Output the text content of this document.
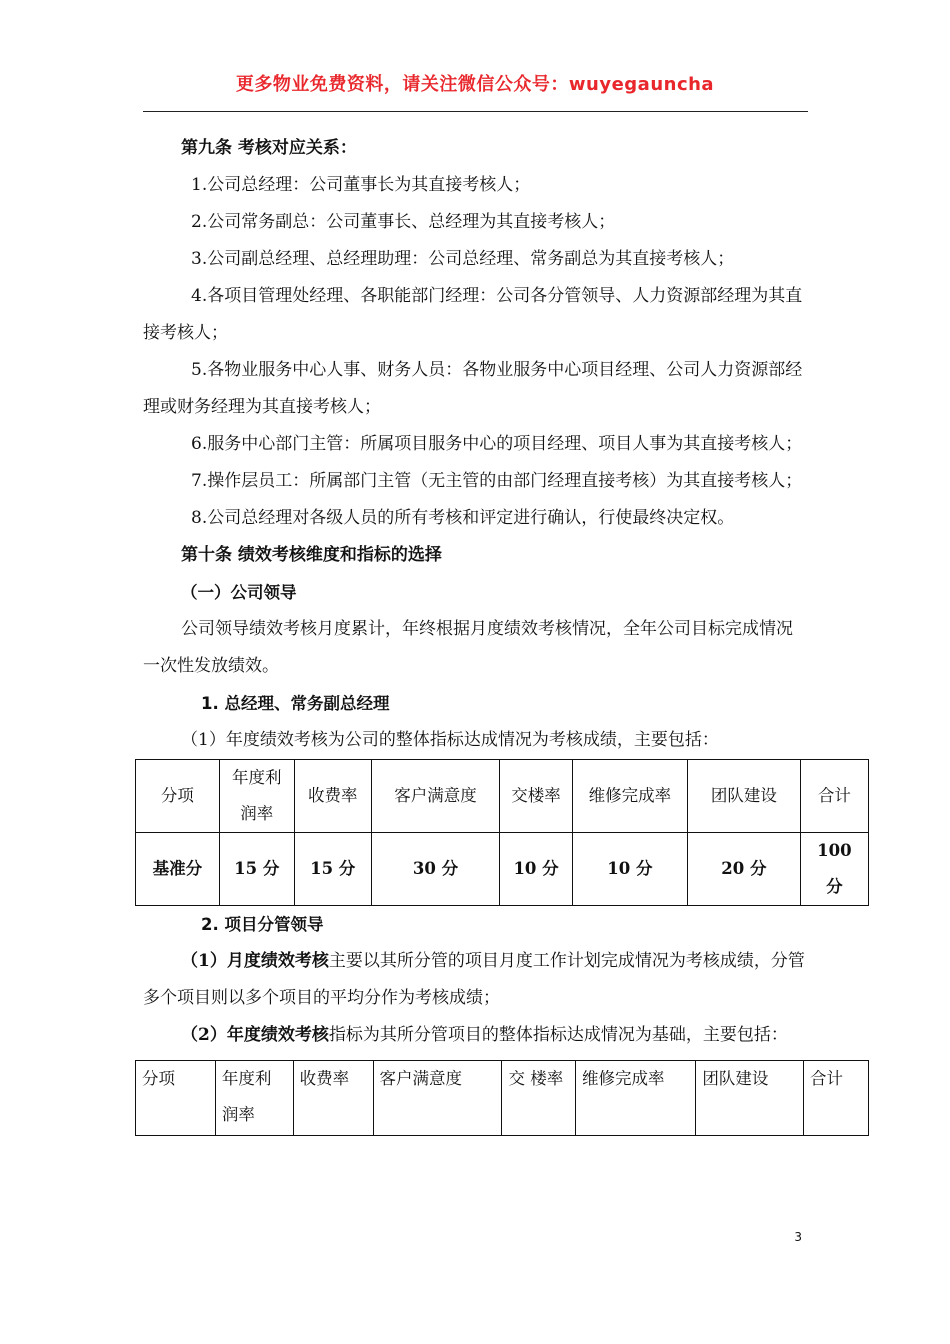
更多物业免费资料，请关注微信公众号：wuyegauncha

第九条 考核对应关系：

1.公司总经理：公司董事长为其直接考核人；

2.公司常务副总：公司董事长、总经理为其直接考核人；

3.公司副总经理、总经理助理：公司总经理、常务副总为其直接考核人；

4.各项目管理处经理、各职能部门经理：公司各分管领导、人力资源部经理为其直接考核人；

5.各物业服务中心人事、财务人员：各物业服务中心项目经理、公司人力资源部经理或财务经理为其直接考核人；

6.服务中心部门主管：所属项目服务中心的项目经理、项目人事为其直接考核人；

7.操作层员工：所属部门主管（无主管的由部门经理直接考核）为其直接考核人；

8.公司总经理对各级人员的所有考核和评定进行确认，行使最终决定权。

第十条 绩效考核维度和指标的选择

（一）公司领导

公司领导绩效考核月度累计，年终根据月度绩效考核情况，全年公司目标完成情况一次性发放绩效。

1. 总经理、常务副总经理

（1）年度绩效考核为公司的整体指标达成情况为考核成绩，主要包括：

分项	年度利润率	收费率	客户满意度	交楼率	维修完成率	团队建设	合计
基准分	15 分	15 分	30 分	10 分	10 分	20 分	100 分

2. 项目分管领导

（1）月度绩效考核主要以其所分管的项目月度工作计划完成情况为考核成绩，分管多个项目则以多个项目的平均分作为考核成绩；

（2）年度绩效考核指标为其所分管项目的整体指标达成情况为基础，主要包括：

分项	年度利润率	收费率	客户满意度	交 楼率	维修完成率	团队建设	合计
3
